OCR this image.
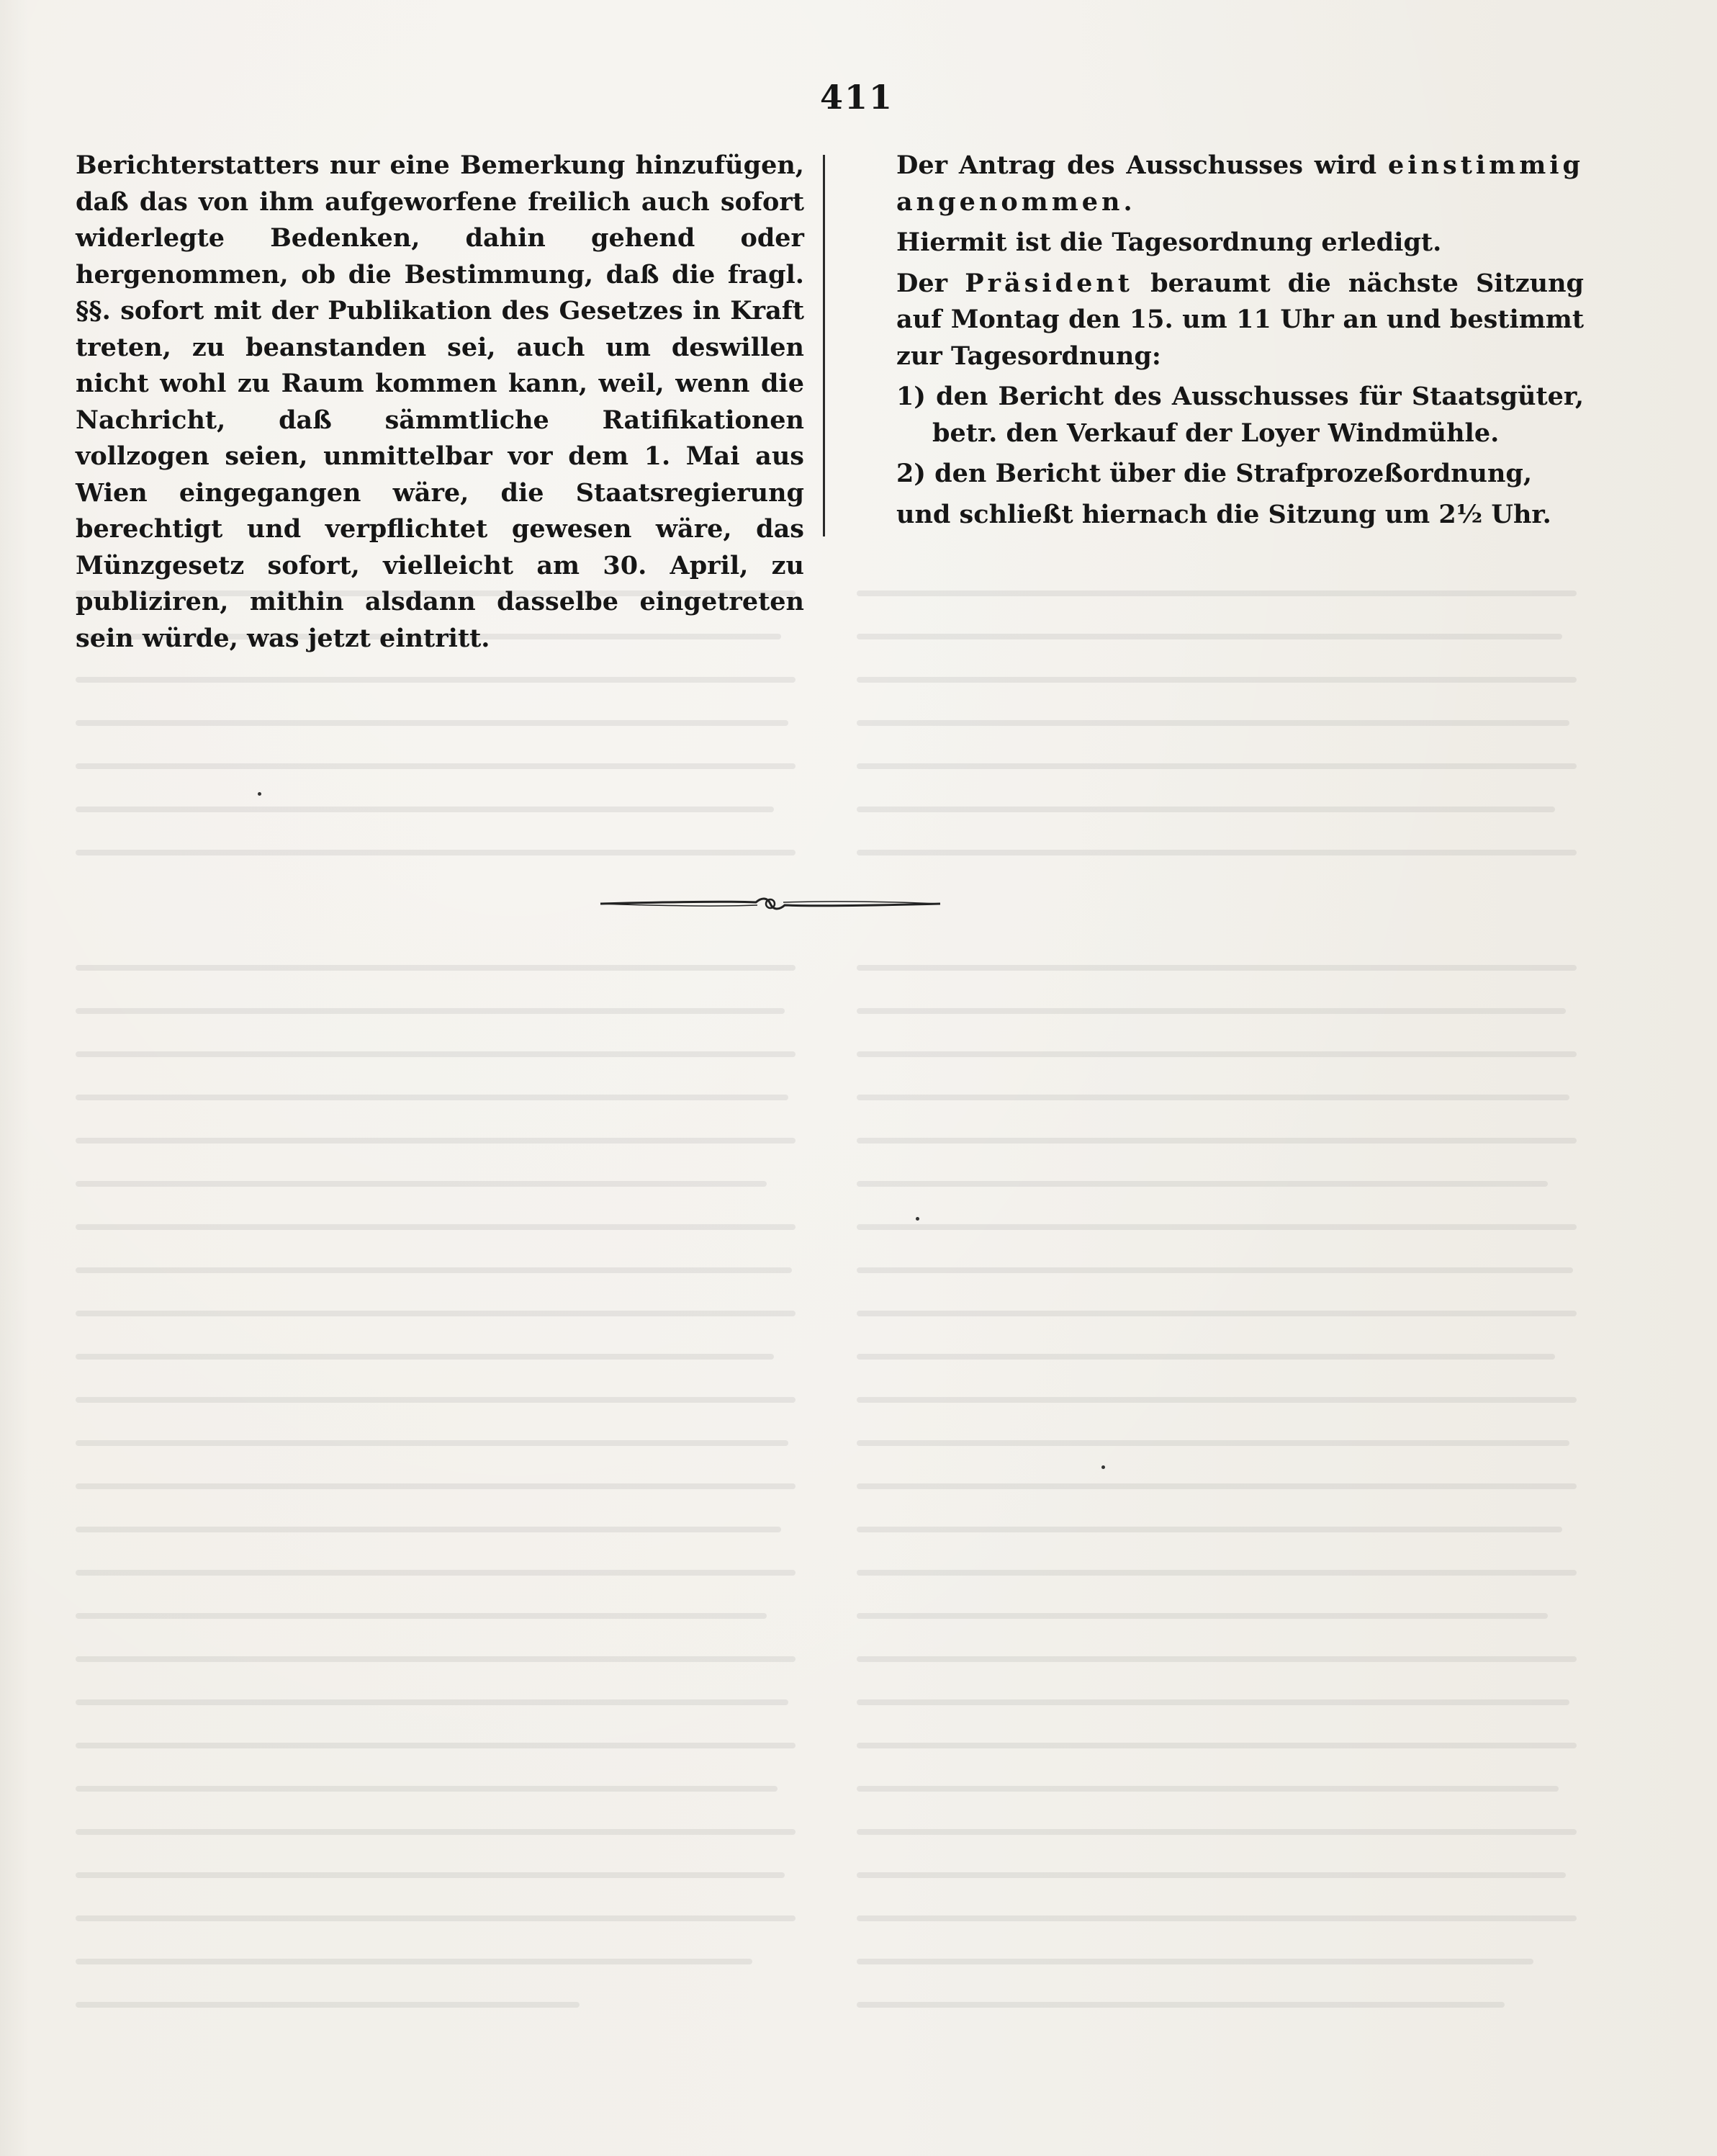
411

Berichterstatters nur eine Bemerkung hinzufügen, daß das von ihm aufgeworfene freilich auch sofort widerlegte Bedenken, dahin gehend oder hergenommen, ob die Bestimmung, daß die fragl. §§. sofort mit der Publikation des Gesetzes in Kraft treten, zu beanstanden sei, auch um deswillen nicht wohl zu Raum kommen kann, weil, wenn die Nachricht, daß sämmtliche Ratifikationen vollzogen seien, unmittelbar vor dem 1. Mai aus Wien eingegangen wäre, die Staatsregierung berechtigt und verpflichtet gewesen wäre, das Münzgesetz sofort, vielleicht am 30. April, zu publiziren, mithin alsdann dasselbe eingetreten sein würde, was jetzt eintritt.

Der Antrag des Ausschusses wird einstimmig angenommen.

Hiermit ist die Tagesordnung erledigt.

Der Präsident beraumt die nächste Sitzung auf Montag den 15. um 11 Uhr an und bestimmt zur Tagesordnung:

1) den Bericht des Ausschusses für Staatsgüter, betr. den Verkauf der Loyer Windmühle.

2) den Bericht über die Strafprozeßordnung,

und schließt hiernach die Sitzung um 2½ Uhr.
